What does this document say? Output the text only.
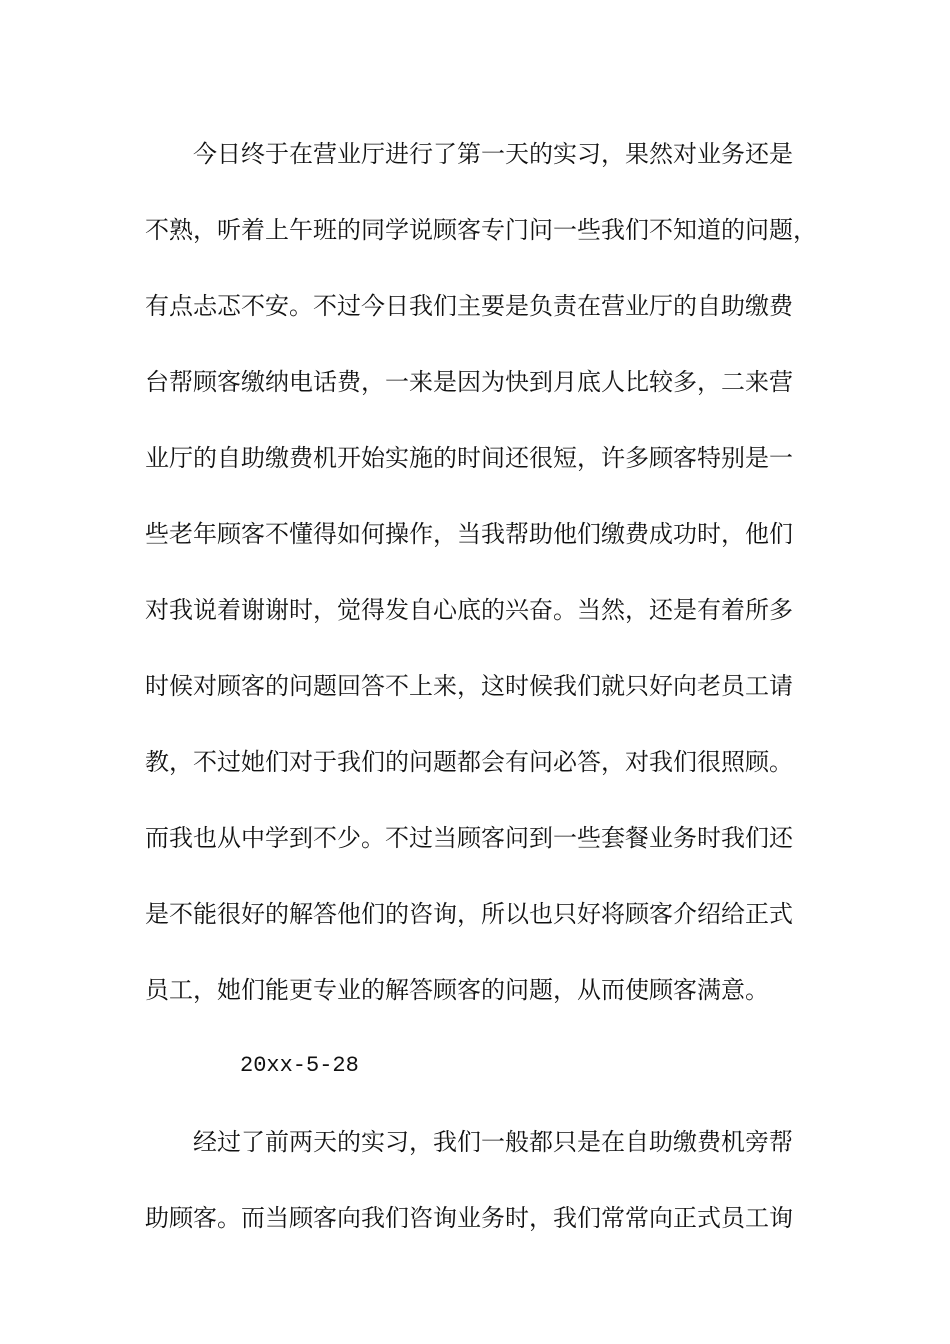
今日终于在营业厅进行了第一天的实习，果然对业务还是
不熟，听着上午班的同学说顾客专门问一些我们不知道的问题，
有点忐忑不安。不过今日我们主要是负责在营业厅的自助缴费
台帮顾客缴纳电话费，一来是因为快到月底人比较多，二来营
业厅的自助缴费机开始实施的时间还很短，许多顾客特别是一
些老年顾客不懂得如何操作，当我帮助他们缴费成功时，他们
对我说着谢谢时，觉得发自心底的兴奋。当然，还是有着所多
时候对顾客的问题回答不上来，这时候我们就只好向老员工请
教，不过她们对于我们的问题都会有问必答，对我们很照顾。
而我也从中学到不少。不过当顾客问到一些套餐业务时我们还
是不能很好的解答他们的咨询，所以也只好将顾客介绍给正式
员工，她们能更专业的解答顾客的问题，从而使顾客满意。
20xx-5-28
经过了前两天的实习，我们一般都只是在自助缴费机旁帮
助顾客。而当顾客向我们咨询业务时，我们常常向正式员工询
